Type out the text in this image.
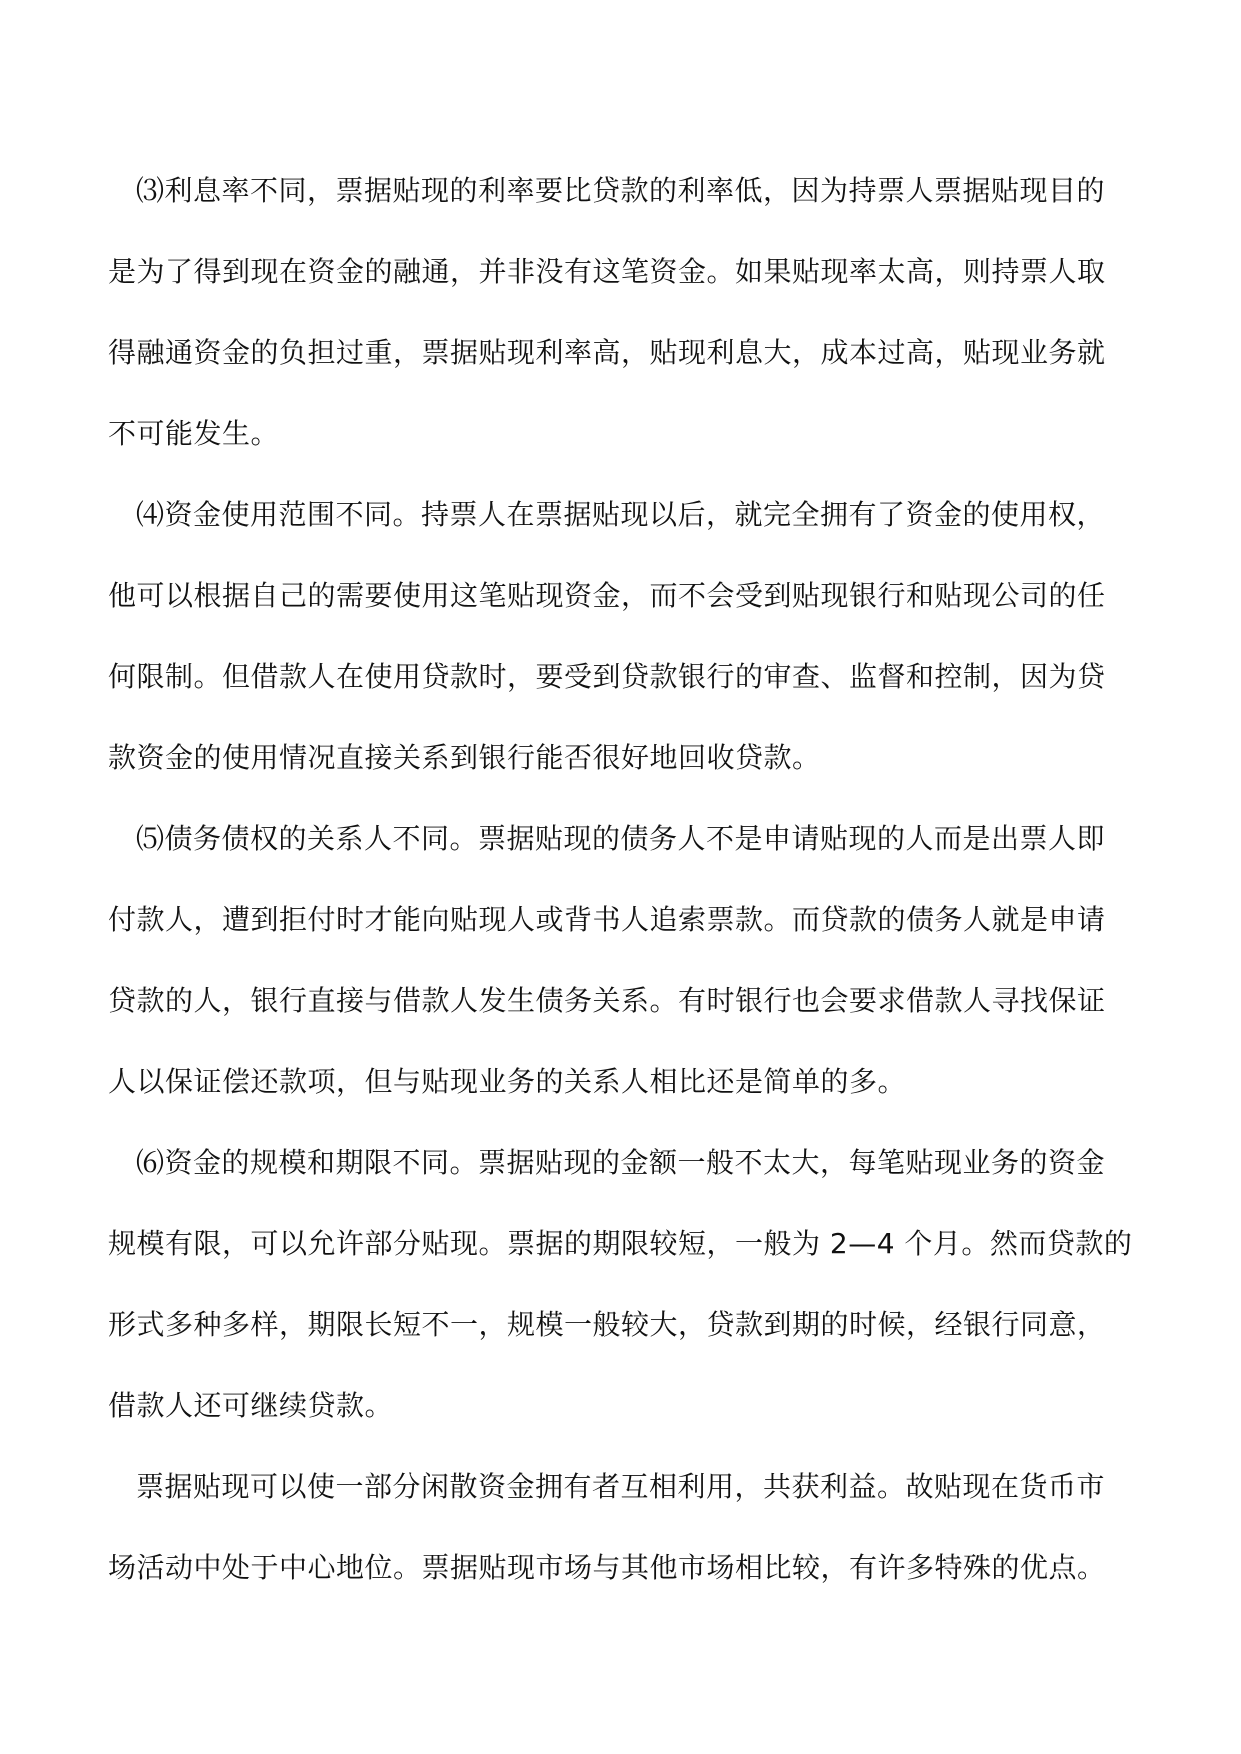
⑶利息率不同，票据贴现的利率要比贷款的利率低，因为持票人票据贴现目的
是为了得到现在资金的融通，并非没有这笔资金。如果贴现率太高，则持票人取
得融通资金的负担过重，票据贴现利率高，贴现利息大，成本过高，贴现业务就
不可能发生。
⑷资金使用范围不同。持票人在票据贴现以后，就完全拥有了资金的使用权，
他可以根据自己的需要使用这笔贴现资金，而不会受到贴现银行和贴现公司的任
何限制。但借款人在使用贷款时，要受到贷款银行的审查、监督和控制，因为贷
款资金的使用情况直接关系到银行能否很好地回收贷款。
⑸债务债权的关系人不同。票据贴现的债务人不是申请贴现的人而是出票人即
付款人，遭到拒付时才能向贴现人或背书人追索票款。而贷款的债务人就是申请
贷款的人，银行直接与借款人发生债务关系。有时银行也会要求借款人寻找保证
人以保证偿还款项，但与贴现业务的关系人相比还是简单的多。
⑹资金的规模和期限不同。票据贴现的金额一般不太大，每笔贴现业务的资金
规模有限，可以允许部分贴现。票据的期限较短，一般为 2—4 个月。然而贷款的
形式多种多样，期限长短不一，规模一般较大，贷款到期的时候，经银行同意，
借款人还可继续贷款。
票据贴现可以使一部分闲散资金拥有者互相利用，共获利益。故贴现在货币市
场活动中处于中心地位。票据贴现市场与其他市场相比较，有许多特殊的优点。
